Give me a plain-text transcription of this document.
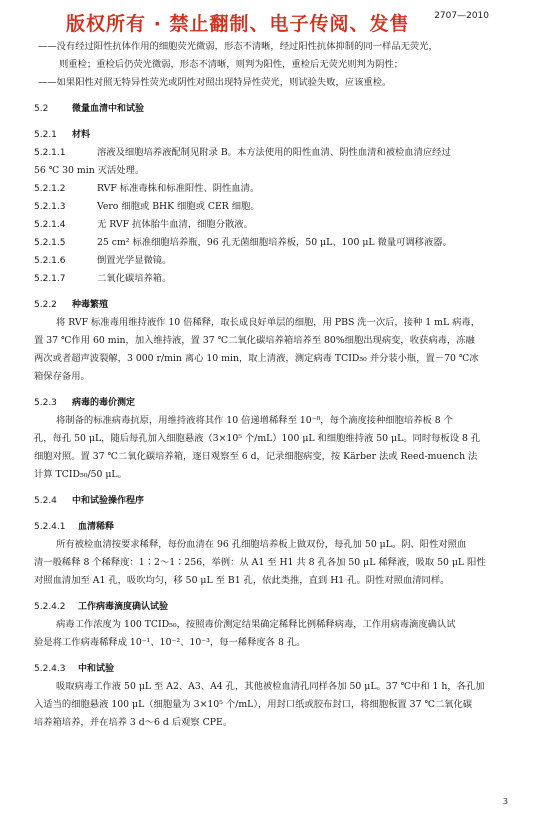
版权所有 · 禁止翻制、电子传阅、发售	2707—2010

——没有经过阳性抗体作用的细胞荧光微弱，形态不清晰，经过阳性抗体抑制的同一样品无荧光，

则重检；重检后仍荧光微弱，形态不清晰，则判为阳性，重检后无荧光则判为阴性；

——如果阳性对照无特异性荧光或阴性对照出现特异性荧光，则试验失败，应该重检。

5.2	微量血清中和试验
5.2.1 材料
5.2.1.1	溶液及细胞培养液配制见附录 B。本方法使用的阳性血清、阴性血清和被检血清应经过
56 ℃ 30 min 灭活处理。
5.2.1.2	RVF 标准毒株和标准阳性、阴性血清。
5.2.1.3	Vero 细胞或 BHK 细胞或 CER 细胞。
5.2.1.4	无 RVF 抗体胎牛血清，细胞分散液。
5.2.1.5	25 cm² 标准细胞培养瓶，96 孔无菌细胞培养板，50 μL、100 μL 微量可调移液器。
5.2.1.6	倒置光学显微镜。
5.2.1.7	二氧化碳培养箱。
5.2.2 种毒繁殖

将 RVF 标准毒用维持液作 10 倍稀释，取长成良好单层的细胞，用 PBS 洗一次后，接种 1 mL 病毒，

置 37 ℃作用 60 min，加入维持液，置 37 ℃二氧化碳培养箱培养至 80%细胞出现病变，收获病毒，冻融

两次或者超声波裂解，3 000 r/min 离心 10 min，取上清液，测定病毒 TCID₅₀ 并分装小瓶，置－70 ℃冰

箱保存备用。

5.2.3 病毒的毒价测定

将制备的标准病毒抗原，用维持液将其作 10 倍递增稀释至 10⁻⁸，每个滴度接种细胞培养板 8 个

孔，每孔 50 μL，随后每孔加入细胞悬液（3×10⁵ 个/mL）100 μL 和细胞维持液 50 μL。同时每板设 8 孔

细胞对照。置 37 ℃二氧化碳培养箱，逐日观察至 6 d，记录细胞病变，按 Kärber 法或 Reed-muench 法

计算 TCID₅₀/50 μL。

5.2.4 中和试验操作程序
5.2.4.1 血清稀释

所有被检血清按要求稀释，每份血清在 96 孔细胞培养板上做双份，每孔加 50 μL。阴、阳性对照血

清一般稀释 8 个稀释度：1∶2～1∶256，举例：从 A1 至 H1 共 8 孔各加 50 μL 稀释液，吸取 50 μL 阳性

对照血清加至 A1 孔，吸吹均匀，移 50 μL 至 B1 孔，依此类推，直到 H1 孔。阴性对照血清同样。

5.2.4.2 工作病毒滴度确认试验

病毒工作浓度为 100 TCID₅₀，按照毒价测定结果确定稀释比例稀释病毒，工作用病毒滴度确认试

验是将工作病毒稀释成 10⁻¹、10⁻²、10⁻³，每一稀释度各 8 孔。

5.2.4.3 中和试验

吸取病毒工作液 50 μL 至 A2、A3、A4 孔，其他被检血清孔同样各加 50 μL。37 ℃中和 1 h，各孔加

入适当的细胞悬液 100 μL（细胞量为 3×10⁵ 个/mL），用封口纸或胶布封口，将细胞板置 37 ℃二氧化碳

培养箱培养，并在培养 3 d～6 d 后观察 CPE。

3
